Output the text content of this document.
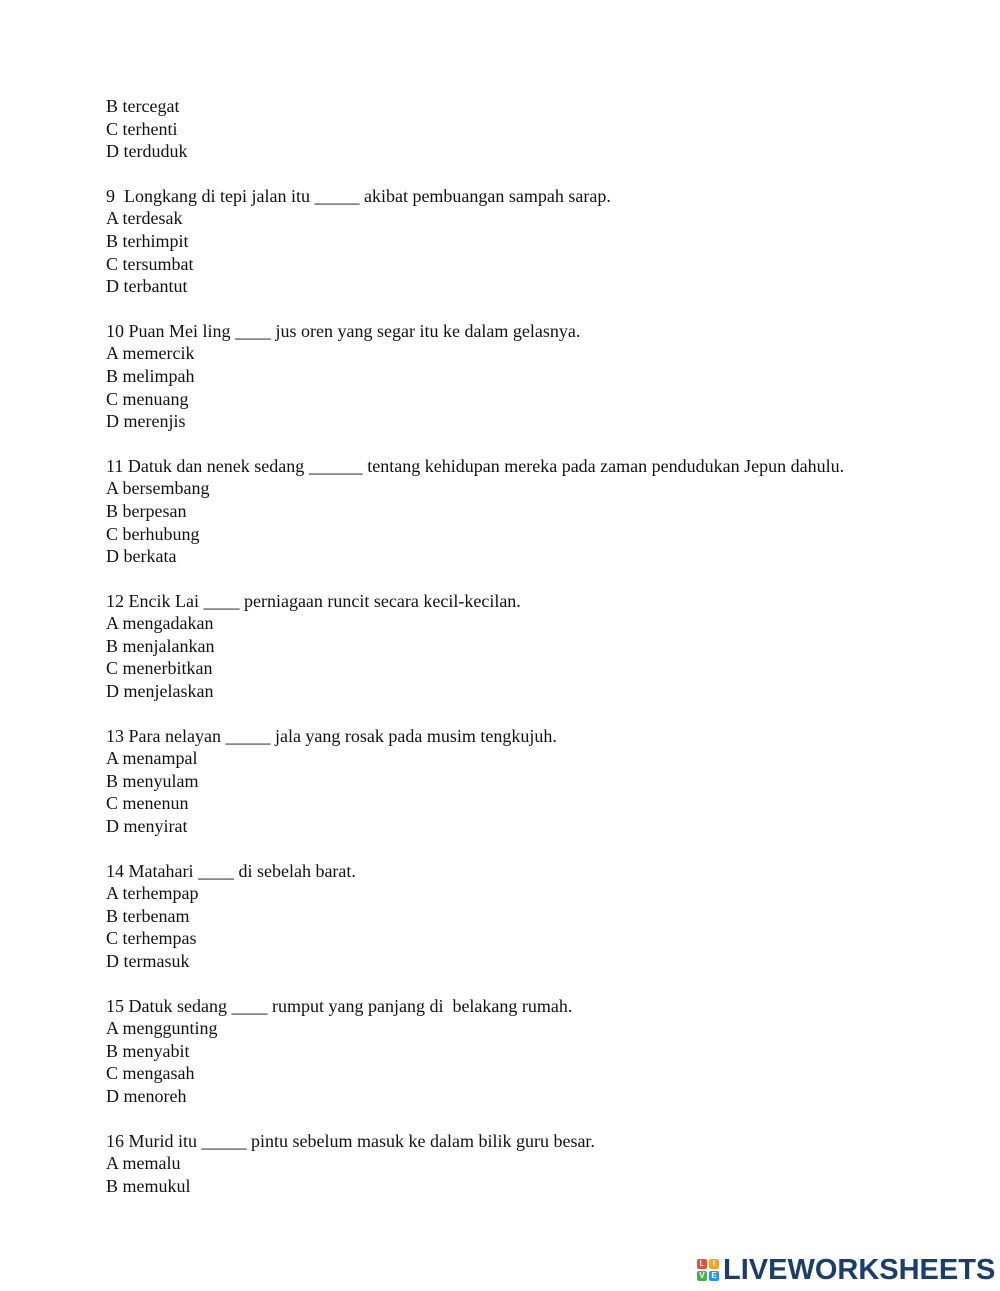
B tercegat
C terhenti
D terduduk
9  Longkang di tepi jalan itu _____ akibat pembuangan sampah sarap.
A terdesak
B terhimpit
C tersumbat
D terbantut
10 Puan Mei ling ____ jus oren yang segar itu ke dalam gelasnya.
A memercik
B melimpah
C menuang
D merenjis
11 Datuk dan nenek sedang ______ tentang kehidupan mereka pada zaman pendudukan Jepun dahulu.
A bersembang
B berpesan
C berhubung
D berkata
12 Encik Lai ____ perniagaan runcit secara kecil-kecilan.
A mengadakan
B menjalankan
C menerbitkan
D menjelaskan
13 Para nelayan _____ jala yang rosak pada musim tengkujuh.
A menampal
B menyulam
C menenun
D menyirat
14 Matahari ____ di sebelah barat.
A terhempap
B terbenam
C terhempas
D termasuk
15 Datuk sedang ____ rumput yang panjang di  belakang rumah.
A menggunting
B menyabit
C mengasah
D menoreh
16 Murid itu _____ pintu sebelum masuk ke dalam bilik guru besar.
A memalu
B memukul
L	I
V E LIVEWORKSHEETS
